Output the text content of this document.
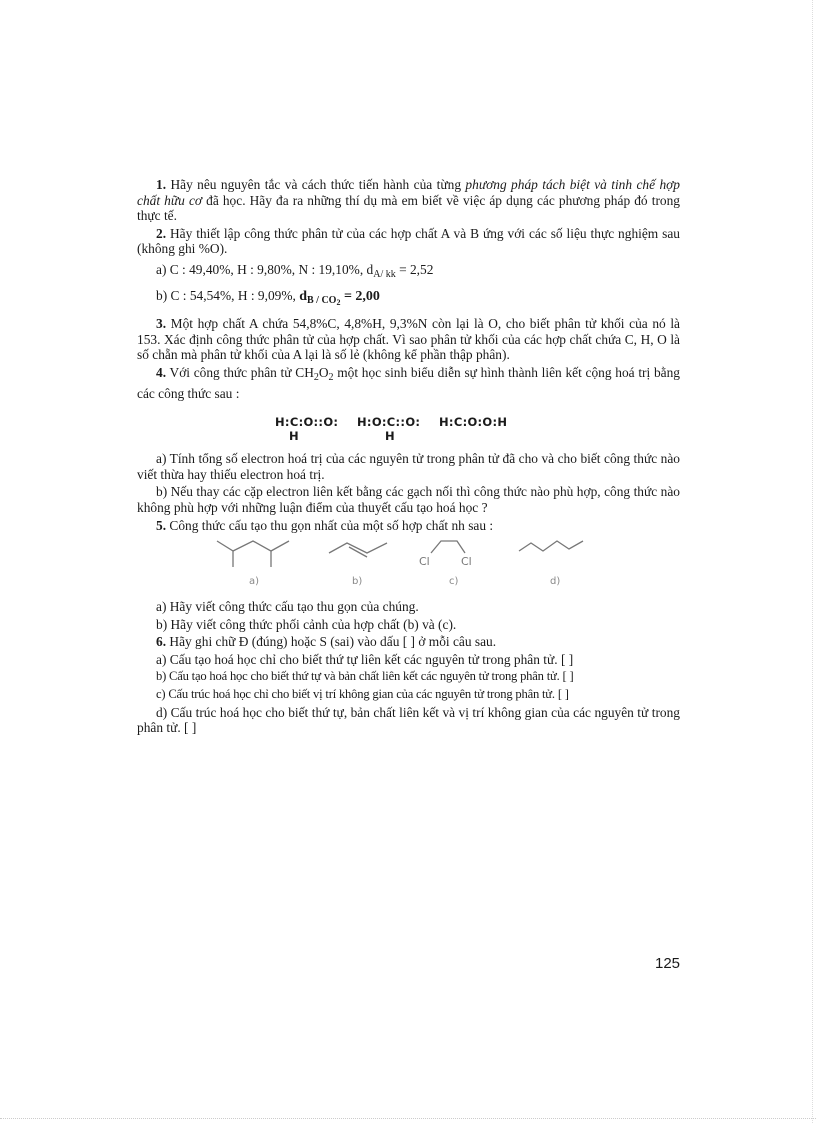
1. Hãy nêu nguyên tắc và cách thức tiến hành của từng phương pháp tách biệt và tinh chế hợp chất hữu cơ đã học. Hãy đa ra những thí dụ mà em biết về việc áp dụng các phương pháp đó trong thực tế.

2. Hãy thiết lập công thức phân tử của các hợp chất A và B ứng với các số liệu thực nghiệm sau (không ghi %O).

a) C : 49,40%, H : 9,80%, N : 19,10%, $d_{A/ kk} = 2,52$

b) C : 54,54%, H : 9,09%, $d_{B / CO2} = 2,00$

3. Một hợp chất A chứa 54,8%C, 4,8%H, 9,3%N còn lại là O, cho biết phân tử khối của nó là 153. Xác định công thức phân tử của hợp chất. Vì sao phân tử khối của các hợp chất chứa C, H, O là số chẵn mà phân tử khối của A lại là số lẻ (không kể phần thập phân).

4. Với công thức phân tử $CH_2O_2$ một học sinh biểu diễn sự hình thành liên kết cộng hoá trị bằng các công thức sau :

H:C:O::O:
H
H:O:C::O:
H
H:C:O:O:H

a) Tính tổng số electron hoá trị của các nguyên tử trong phân tử đã cho và cho biết công thức nào viết thừa hay thiếu electron hoá trị.

b) Nếu thay các cặp electron liên kết bằng các gạch nối thì công thức nào phù hợp, công thức nào không phù hợp với những luận điểm của thuyết cấu tạo hoá học ?

5. Công thức cấu tạo thu gọn nhất của một số hợp chất nh sau :

a)	b)
Cl	Cl
c)	d)

a) Hãy viết công thức cấu tạo thu gọn của chúng.

b) Hãy viết công thức phối cảnh của hợp chất (b) và (c).

6. Hãy ghi chữ Đ (đúng) hoặc S (sai) vào dấu [ ] ở mỗi câu sau.

a) Cấu tạo hoá học chỉ cho biết thứ tự liên kết các nguyên tử trong phân tử. [ ]

b) Cấu tạo hoá học cho biết thứ tự và bản chất liên kết các nguyên tử trong phân tử. [ ]

c) Cấu trúc hoá học chỉ cho biết vị trí không gian của các nguyên tử trong phân tử. [ ]

d) Cấu trúc hoá học cho biết thứ tự, bản chất liên kết và vị trí không gian của các nguyên tử trong phân tử. [ ]

125
